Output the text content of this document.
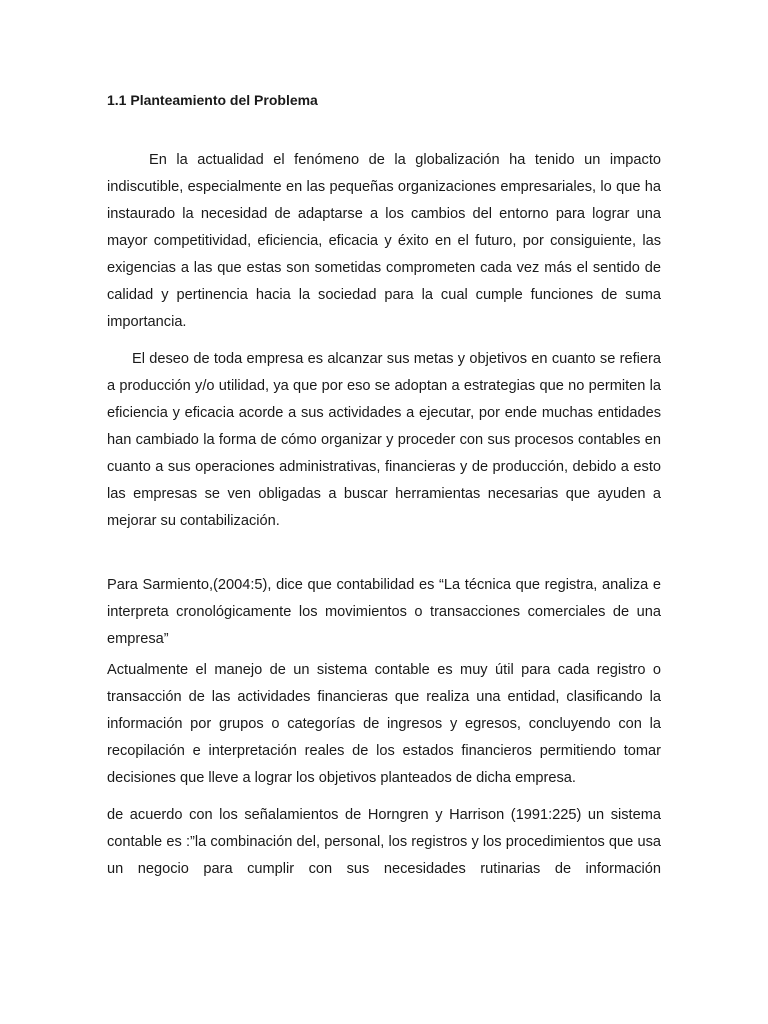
1.1 Planteamiento del Problema

En la actualidad el fenómeno de la globalización ha tenido un impacto indiscutible, especialmente en las pequeñas organizaciones empresariales, lo que ha instaurado la necesidad de adaptarse a los cambios del entorno para lograr una mayor competitividad, eficiencia, eficacia y éxito en el futuro, por consiguiente, las exigencias a las que estas son sometidas comprometen cada vez más el sentido de calidad y pertinencia hacia la sociedad para la cual cumple funciones de suma importancia.

El deseo de toda empresa es alcanzar sus metas y objetivos en cuanto se refiera a producción y/o utilidad, ya que por eso se adoptan a estrategias que no permiten la eficiencia y eficacia acorde a sus actividades a ejecutar, por ende muchas entidades han cambiado la forma de cómo organizar y proceder con sus procesos contables en cuanto a sus operaciones administrativas, financieras y de producción, debido a esto las empresas se ven obligadas a buscar herramientas necesarias que ayuden a mejorar su contabilización.

Para Sarmiento,(2004:5), dice que contabilidad es “La técnica que registra, analiza e interpreta cronológicamente los movimientos o transacciones comerciales de una empresa”

Actualmente el manejo de un sistema contable es muy útil para cada registro o transacción de las actividades financieras que realiza una entidad, clasificando la información por grupos o categorías de ingresos y egresos, concluyendo con la recopilación e interpretación reales de los estados financieros permitiendo tomar decisiones que lleve a lograr los objetivos planteados de dicha empresa.

de acuerdo con los señalamientos de Horngren y Harrison (1991:225) un sistema contable es :”la combinación del, personal, los registros y los procedimientos que usa un negocio para cumplir con sus necesidades rutinarias de información
